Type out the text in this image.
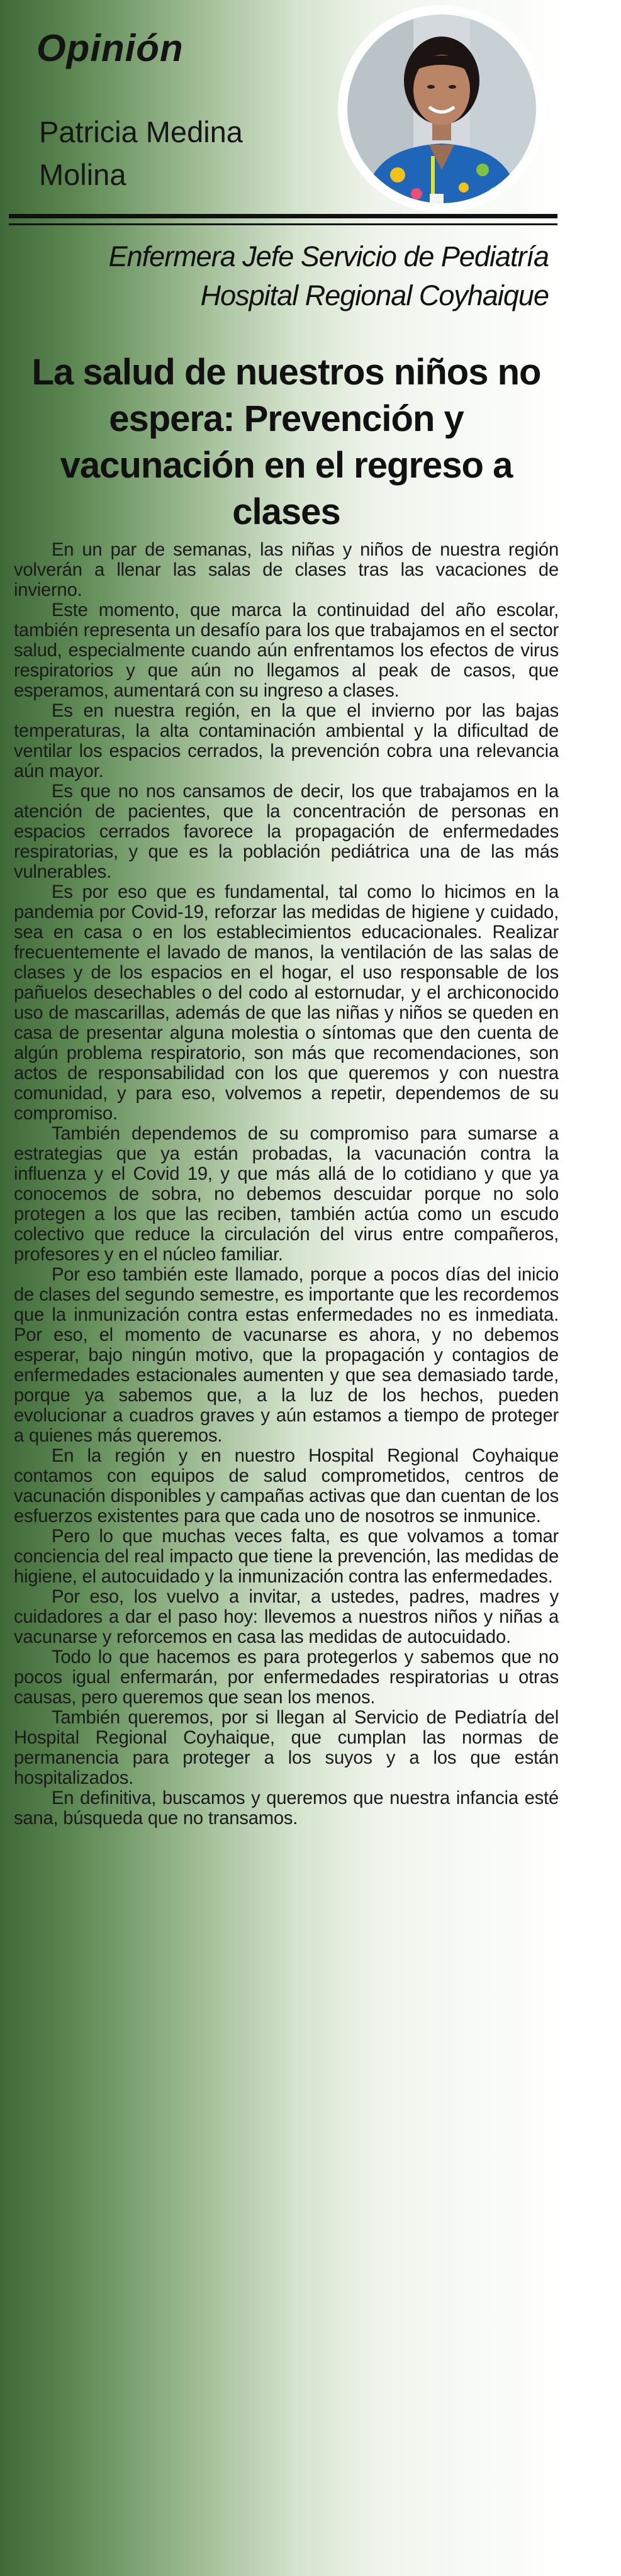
Opinión
Patricia Medina
Molina
Enfermera Jefe Servicio de Pediatría
Hospital Regional Coyhaique
La salud de nuestros niños no espera: Prevención y vacunación en el regreso a clases

En un par de semanas, las niñas y niños de nuestra región volverán a llenar las salas de clases tras las vacaciones de invierno.

Este momento, que marca la continuidad del año escolar, también representa un desafío para los que trabajamos en el sector salud, especialmente cuando aún enfrentamos los efectos de virus respiratorios y que aún no llegamos al peak de casos, que esperamos, aumentará con su ingreso a clases.

Es en nuestra región, en la que el invierno por las bajas temperaturas, la alta contaminación ambiental y la dificultad de ventilar los espacios cerrados, la prevención cobra una relevancia aún mayor.

Es que no nos cansamos de decir, los que trabajamos en la atención de pacientes, que la concentración de personas en espacios cerrados favorece la propagación de enfermedades respiratorias, y que es la población pediátrica una de las más vulnerables.

Es por eso que es fundamental, tal como lo hicimos en la pandemia por Covid-19, reforzar las medidas de higiene y cuidado, sea en casa o en los establecimientos educacionales. Realizar frecuentemente el lavado de manos, la ventilación de las salas de clases y de los espacios en el hogar, el uso responsable de los pañuelos desechables o del codo al estornudar, y el archiconocido uso de mascarillas, además de que las niñas y niños se queden en casa de presentar alguna molestia o síntomas que den cuenta de algún problema respiratorio, son más que recomendaciones, son actos de responsabilidad con los que queremos y con nuestra comunidad, y para eso, volvemos a repetir, dependemos de su compromiso.

También dependemos de su compromiso para sumarse a estrategias que ya están probadas, la vacunación contra la influenza y el Covid 19, y que más allá de lo cotidiano y que ya conocemos de sobra, no debemos descuidar porque no solo protegen a los que las reciben, también actúa como un escudo colectivo que reduce la circulación del virus entre compañeros, profesores y en el núcleo familiar.

Por eso también este llamado, porque a pocos días del inicio de clases del segundo semestre, es importante que les recordemos que la inmunización contra estas enfermedades no es inmediata. Por eso, el momento de vacunarse es ahora, y no debemos esperar, bajo ningún motivo, que la propagación y contagios de enfermedades estacionales aumenten y que sea demasiado tarde, porque ya sabemos que, a la luz de los hechos, pueden evolucionar a cuadros graves y aún estamos a tiempo de proteger a quienes más queremos.

En la región y en nuestro Hospital Regional Coyhaique contamos con equipos de salud comprometidos, centros de vacunación disponibles y campañas activas que dan cuentan de los esfuerzos existentes para que cada uno de nosotros se inmunice.

Pero lo que muchas veces falta, es que volvamos a tomar conciencia del real impacto que tiene la prevención, las medidas de higiene, el autocuidado y la inmunización contra las enfermedades.

Por eso, los vuelvo a invitar, a ustedes, padres, madres y cuidadores a dar el paso hoy: llevemos a nuestros niños y niñas a vacunarse y reforcemos en casa las medidas de autocuidado.

Todo lo que hacemos es para protegerlos y sabemos que no pocos igual enfermarán, por enfermedades respiratorias u otras causas, pero queremos que sean los menos.

También queremos, por si llegan al Servicio de Pediatría del Hospital Regional Coyhaique, que cumplan las normas de permanencia para proteger a los suyos y a los que están hospitalizados.

En definitiva, buscamos y queremos que nuestra infancia esté sana, búsqueda que no transamos.
